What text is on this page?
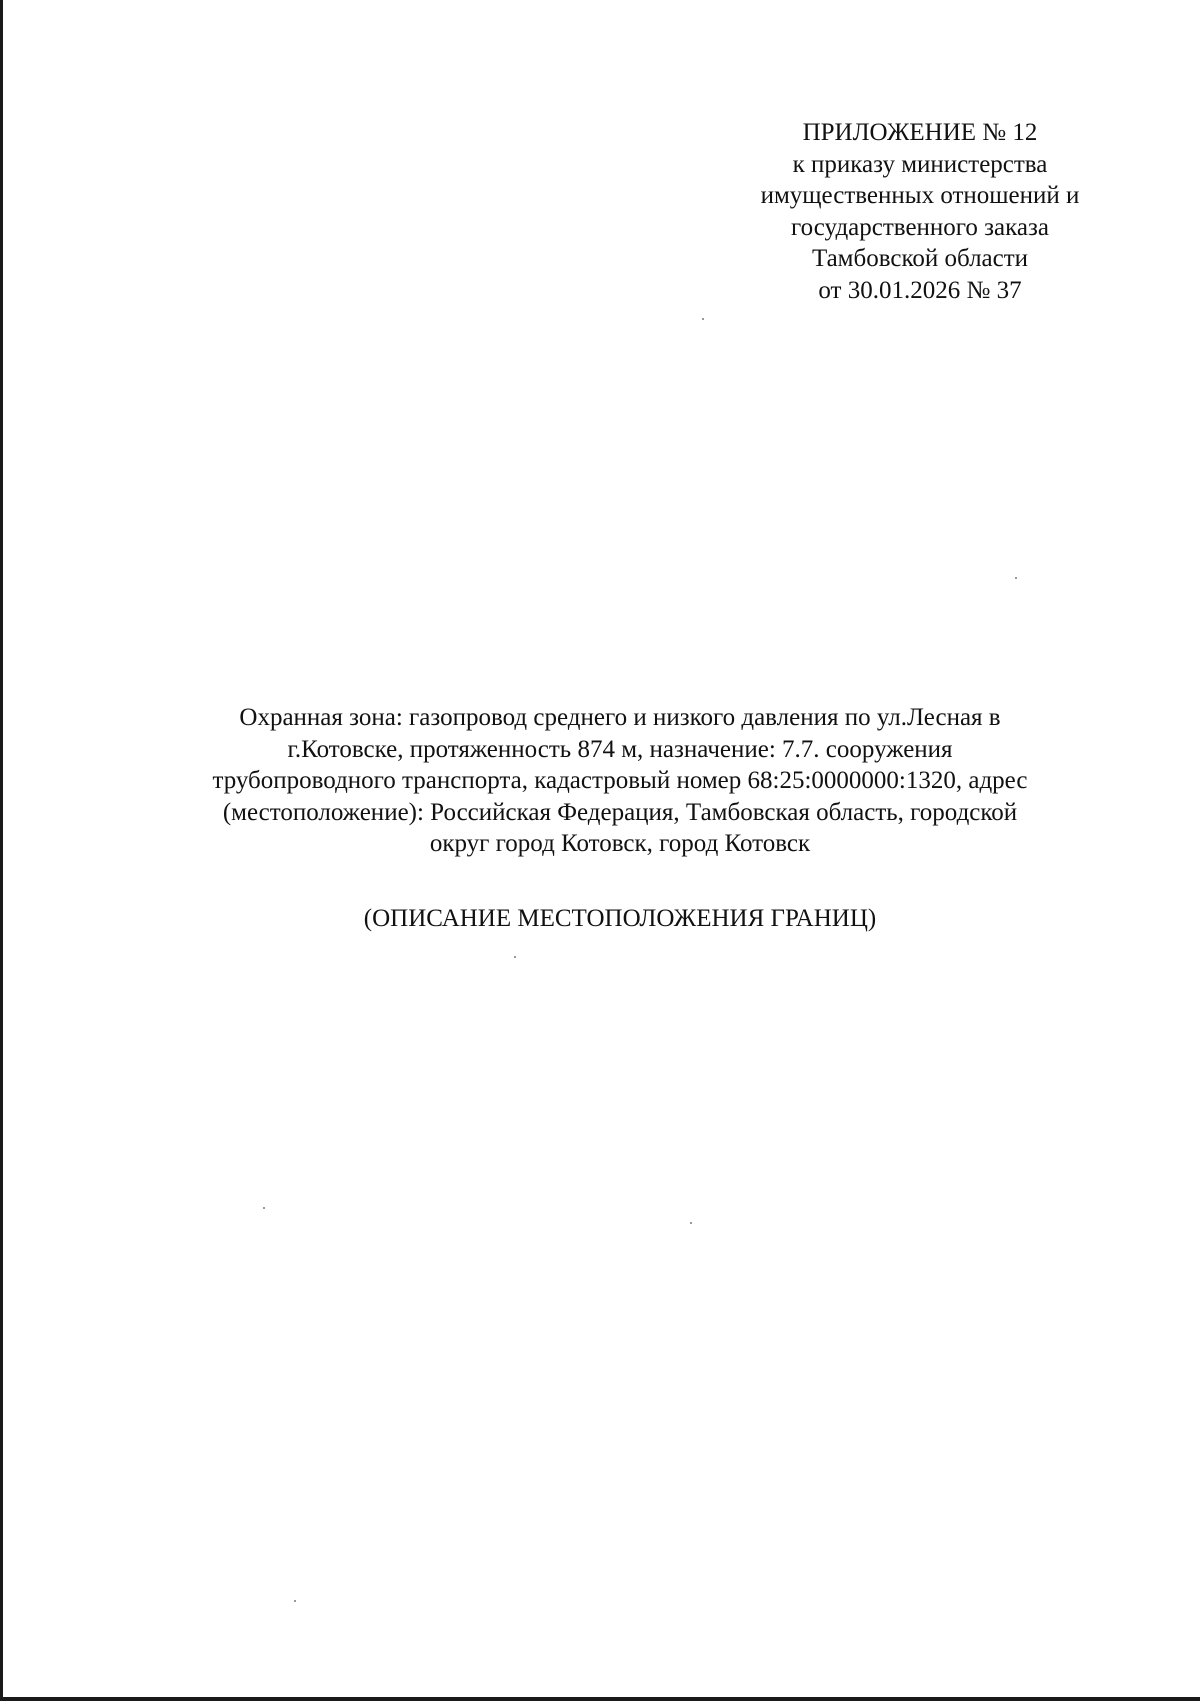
ПРИЛОЖЕНИЕ № 12
к приказу министерства
имущественных отношений и
государственного заказа
Тамбовской области
от 30.01.2026 № 37
Охранная зона: газопровод среднего и низкого давления по ул.Лесная в
г.Котовске, протяженность 874 м, назначение: 7.7. сооружения
трубопроводного транспорта, кадастровый номер 68:25:0000000:1320, адрес
(местоположение): Российская Федерация, Тамбовская область, городской
округ город Котовск, город Котовск
(ОПИСАНИЕ МЕСТОПОЛОЖЕНИЯ ГРАНИЦ)
